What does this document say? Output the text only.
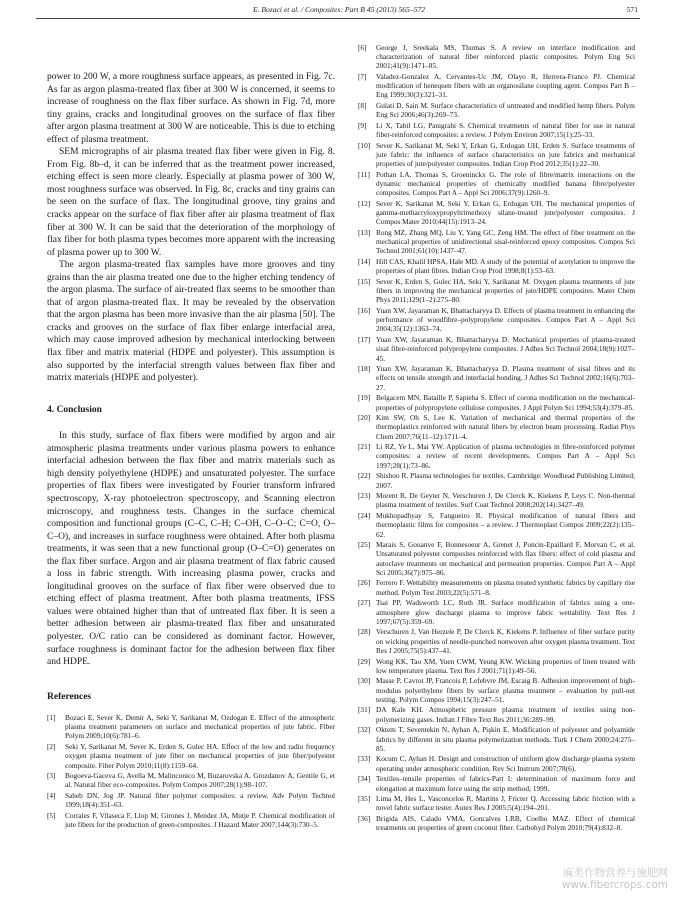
E. Bozaci et al. / Composites: Part B 45 (2013) 565–572	571

power to 200 W, a more roughness surface appears, as presented in Fig. 7c. As far as argon plasma-treated flax fiber at 300 W is concerned, it seems to increase of roughness on the flax fiber surface. As shown in Fig. 7d, more tiny grains, cracks and longitudinal grooves on the surface of flax fiber after argon plasma treatment at 300 W are noticeable. This is due to etching effect of plasma treatment.

SEM micrographs of air plasma treated flax fiber were given in Fig. 8. From Fig. 8b–d, it can be inferred that as the treatment power increased, etching effect is seen more clearly. Especially at plasma power of 300 W, most roughness surface was observed. In Fig. 8c, cracks and tiny grains can be seen on the surface of flax. The longitudinal groove, tiny grains and cracks appear on the surface of flax fiber after air plasma treatment of flax fiber at 300 W. It can be said that the deterioration of the morphology of flax fiber for both plasma types becomes more apparent with the increasing of plasma power up to 300 W.

The argon plasma-treated flax samples have more grooves and tiny grains than the air plasma treated one due to the higher etching tendency of the argon plasma. The surface of air-treated flax seems to be smoother than that of argon plasma-treated flax. It may be revealed by the observation that the argon plasma has been more invasive than the air plasma [50]. The cracks and grooves on the surface of flax fiber enlarge interfacial area, which may cause improved adhesion by mechanical interlocking between flax fiber and matrix material (HDPE and polyester). This assumption is also supported by the interfacial strength values between flax fiber and matrix materials (HDPE and polyester).

4. Conclusion

In this study, surface of flax fibers were modified by argon and air atmospheric plasma treatments under various plasma powers to enhance interfacial adhesion between the flax fiber and matrix materials such as high density polyethylene (HDPE) and unsaturated polyester. The surface properties of flax fibers were investigated by Fourier transform infrared spectroscopy, X-ray photoelectron spectroscopy, and Scanning electron microscopy, and roughness tests. Changes in the surface chemical composition and functional groups (C–C, C–H; C–OH, C–O–C; C=O, O–C–O), and increases in surface roughness were obtained. After both plasma treatments, it was seen that a new functional group (O–C=O) generates on the flax fiber surface. Argon and air plasma treatment of flax fabric caused a loss in fabric strength. With increasing plasma power, cracks and longitudinal grooves on the surface of flax fiber were observed due to etching effect of plasma treatment. After both plasma treatments, IFSS values were obtained higher than that of untreated flax fiber. It is seen a better adhesion between air plasma-treated flax fiber and unsaturated polyester. O/C ratio can be considered as dominant factor. However, surface roughness is dominant factor for the adhesion between flax fiber and HDPE.

References
[1] Bozaci E, Sever K, Demir A, Seki Y, Sarikanat M, Ozdogan E. Effect of the atmospheric plasma treatment parameters on surface and mechanical properties of jute fabric. Fiber Polym 2009;10(6):781–6.
[2] Seki Y, Sarikanat M, Sever K, Erden S, Gulec HA. Effect of the low and radio frequency oxygen plasma treatment of jute fiber on mechanical properties of jute fiber/polyester composite. Fiber Polym 2010;11(8):1159–64.
[3] Bogoeva-Gaceva G, Avella M, Malinconico M, Buzarovska A, Grozdanov A, Gentile G, et al. Natural fiber eco-composites. Polym Compos 2007;28(1):98–107.
[4] Saheb DN, Jog JP. Natural fiber polymer composites: a review. Adv Polym Technol 1999;18(4):351–63.
[5] Corrales F, Vilaseca F, Llop M, Girones J, Mendez JA, Mutje P. Chemical modification of jute fibers for the production of green-composites. J Hazard Mater 2007;144(3):730–5.
[6] George J, Sreekala MS, Thomas S. A review on interface modification and characterization of natural fiber reinforced plastic composites. Polym Eng Sci 2001;41(9):1471–85.
[7] Valadez-Gonzalez A, Cervantes-Uc JM, Olayo R, Herrera-Franco PJ. Chemical modification of henequen fibers with an organosilane coupling agent. Compos Part B – Eng 1999;30(3):321–31.
[8] Gulati D, Sain M. Surface characteristics of untreated and modified hemp fibers. Polym Eng Sci 2006;46(3):269–73.
[9] Li X, Tabil LG, Panigrahi S. Chemical treatments of natural fiber for use in natural fiber-reinforced composites: a review. J Polym Environ 2007;15(1):25–33.
[10] Sever K, Sarikanat M, Seki Y, Erkan G, Erdogan UH, Erden S. Surface treatments of jute fabric: the influence of surface characteristics on jute fabrics and mechanical properties of jute/polyester composites. Indian Crop Prod 2012;35(1):22–30.
[11] Pothan LA, Thomas S, Groeninckx G. The role of fibre/matrix interactions on the dynamic mechanical properties of chemically modified banana fibre/polyester composites. Compos Part A – Appl Sci 2006;37(9):1260–9.
[12] Sever K, Sarikanat M, Seki Y, Erkan G, Erdogan UH. The mechanical properties of gamma-methacryloxypropyltrimethoxy silane-treated jute/polyester composites. J Compos Mater 2010;44(15):1913–24.
[13] Rong MZ, Zhang MQ, Liu Y, Yang GC, Zeng HM. The effect of fiber treatment on the mechanical properties of unidirectional sisal-reinforced epoxy composites. Compos Sci Technol 2001;61(10):1437–47.
[14] Hill CAS, Khalil HPSA, Hale MD. A study of the potential of acetylation to improve the properties of plant fibres. Indian Crop Prod 1998;8(1):53–63.
[15] Sever K, Erden S, Gulec HA, Seki Y, Sarikanat M. Oxygen plasma treatments of jute fibers in improving the mechanical properties of jute/HDPE composites. Mater Chem Phys 2011;129(1–2):275–80.
[16] Yuan XW, Jayaraman K, Bhattacharyya D. Effects of plasma treatment in enhancing the performance of woodfibre–polypropylene composites. Compos Part A – Appl Sci 2004;35(12):1363–74.
[17] Yuan XW, Jayaraman K, Bhattacharyya D. Mechanical properties of plasma-treated sisal fibre-reinforced polypropylene composites. J Adhes Sci Technol 2004;18(9):1027–45.
[18] Yuan XW, Jayaraman K, Bhattacharyya D. Plasma treatment of sisal fibres and its effects on tensile strength and interfacial bonding. J Adhes Sci Technol 2002;16(6):703–27.
[19] Belgacem MN, Bataille P, Sapieha S. Effect of corona modification on the mechanical-properties of polypropylene cellulose composites. J Appl Polym Sci 1994;53(4):379–85.
[20] Kim SW, Oh S, Lee K. Variation of mechanical and thermal properties of the thermoplastics reinforced with natural fibers by electron beam processing. Radiat Phys Chem 2007;76(11–12):1711–4.
[21] Li RZ, Ye L, Mai YW. Application of plasma technologies in fibre-reinforced polymer composites: a review of recent developments. Compos Part A – Appl Sci 1997;28(1):73–86.
[22] Shishoo R. Plasma technologies for textiles. Cambridge: Woodhead Publishing Limited; 2007.
[23] Morent R, De Geyter N, Verschuren J, De Clerck K, Kiekens P, Leys C. Non-thermal plasma treatment of textiles. Surf Coat Technol 2008;202(14):3427–49.
[24] Mukhopadhyay S, Fangueiro R. Physical modification of natural fibers and thermoplastic films for composites – a review. J Thermoplast Compos 2009;22(2):135–62.
[25] Marais S, Gouanve F, Bonnesoeur A, Grenet J, Poncin-Epaillard F, Morvan C, et al. Unsaturated polyester composites reinforced with flax fibers: effect of cold plasma and autoclave treatments on mechanical and permeation properties. Compos Part A – Appl Sci 2005;36(7):975–86.
[26] Ferrero F. Wettability measurements on plasma treated synthetic fabrics by capillary rise method. Polym Test 2003;22(5):571–8.
[27] Tsai PP, Wadsworth LC, Roth JR. Surface modification of fabrics using a one-atmosphere glow discharge plasma to improve fabric wettability. Text Res J 1997;67(5):359–69.
[28] Verschuren J, Van Herzele P, De Clerck K, Kiekens P. Influence of fiber surface purity on wicking properties of needle-punched nonwoven after oxygen plasma treatment. Text Res J 2005;75(5):437–41.
[29] Wong KK, Tao XM, Yuen CWM, Yeung KW. Wicking properties of linen treated with low temperature plasma. Text Res J 2001;71(1):49–56.
[30] Masse P, Cavrot JP, Francois P, Lefebvre JM, Escaig B. Adhesion improvement of high-modulus polyethylene fibers by surface plasma treatment – evaluation by pull-out testing. Polym Compos 1994;15(3):247–51.
[31] DA Kale KH. Atmospheric pressure plasma treatment of textiles using non-polymerizing gases. Indian J Fibre Text Res 2011;36:289–99.
[32] Oktem T, Seventekin N, Ayhan A, Pişkin E. Modification of polyester and polyamide fabrics by different in situ plasma polymerization methods. Turk J Chem 2000;24:275–85.
[33] Kocum C, Ayhan H. Design and construction of uniform glow discharge plasma system operating under atmospheric condition. Rev Sci Instrum 2007;78(6).
[34] Textiles–tensile properties of fabrics-Part I: determination of maximum force and elongation at maximum force using the strip method; 1999.
[35] Lima M, Hes L, Vasconcelos R, Martins J, Fricter Q. Accessing fabric friction with a novel fabric surface tester. Autex Res J 2005;5(4):194–201.
[36] Brigida AIS, Calado VMA, Goncalves LRB, Coelho MAZ. Effect of chemical treatments on properties of green coconut fiber. Carbohyd Polym 2010;79(4):832–8.
麻类作物营养与施肥网
www.fibercrops.com
